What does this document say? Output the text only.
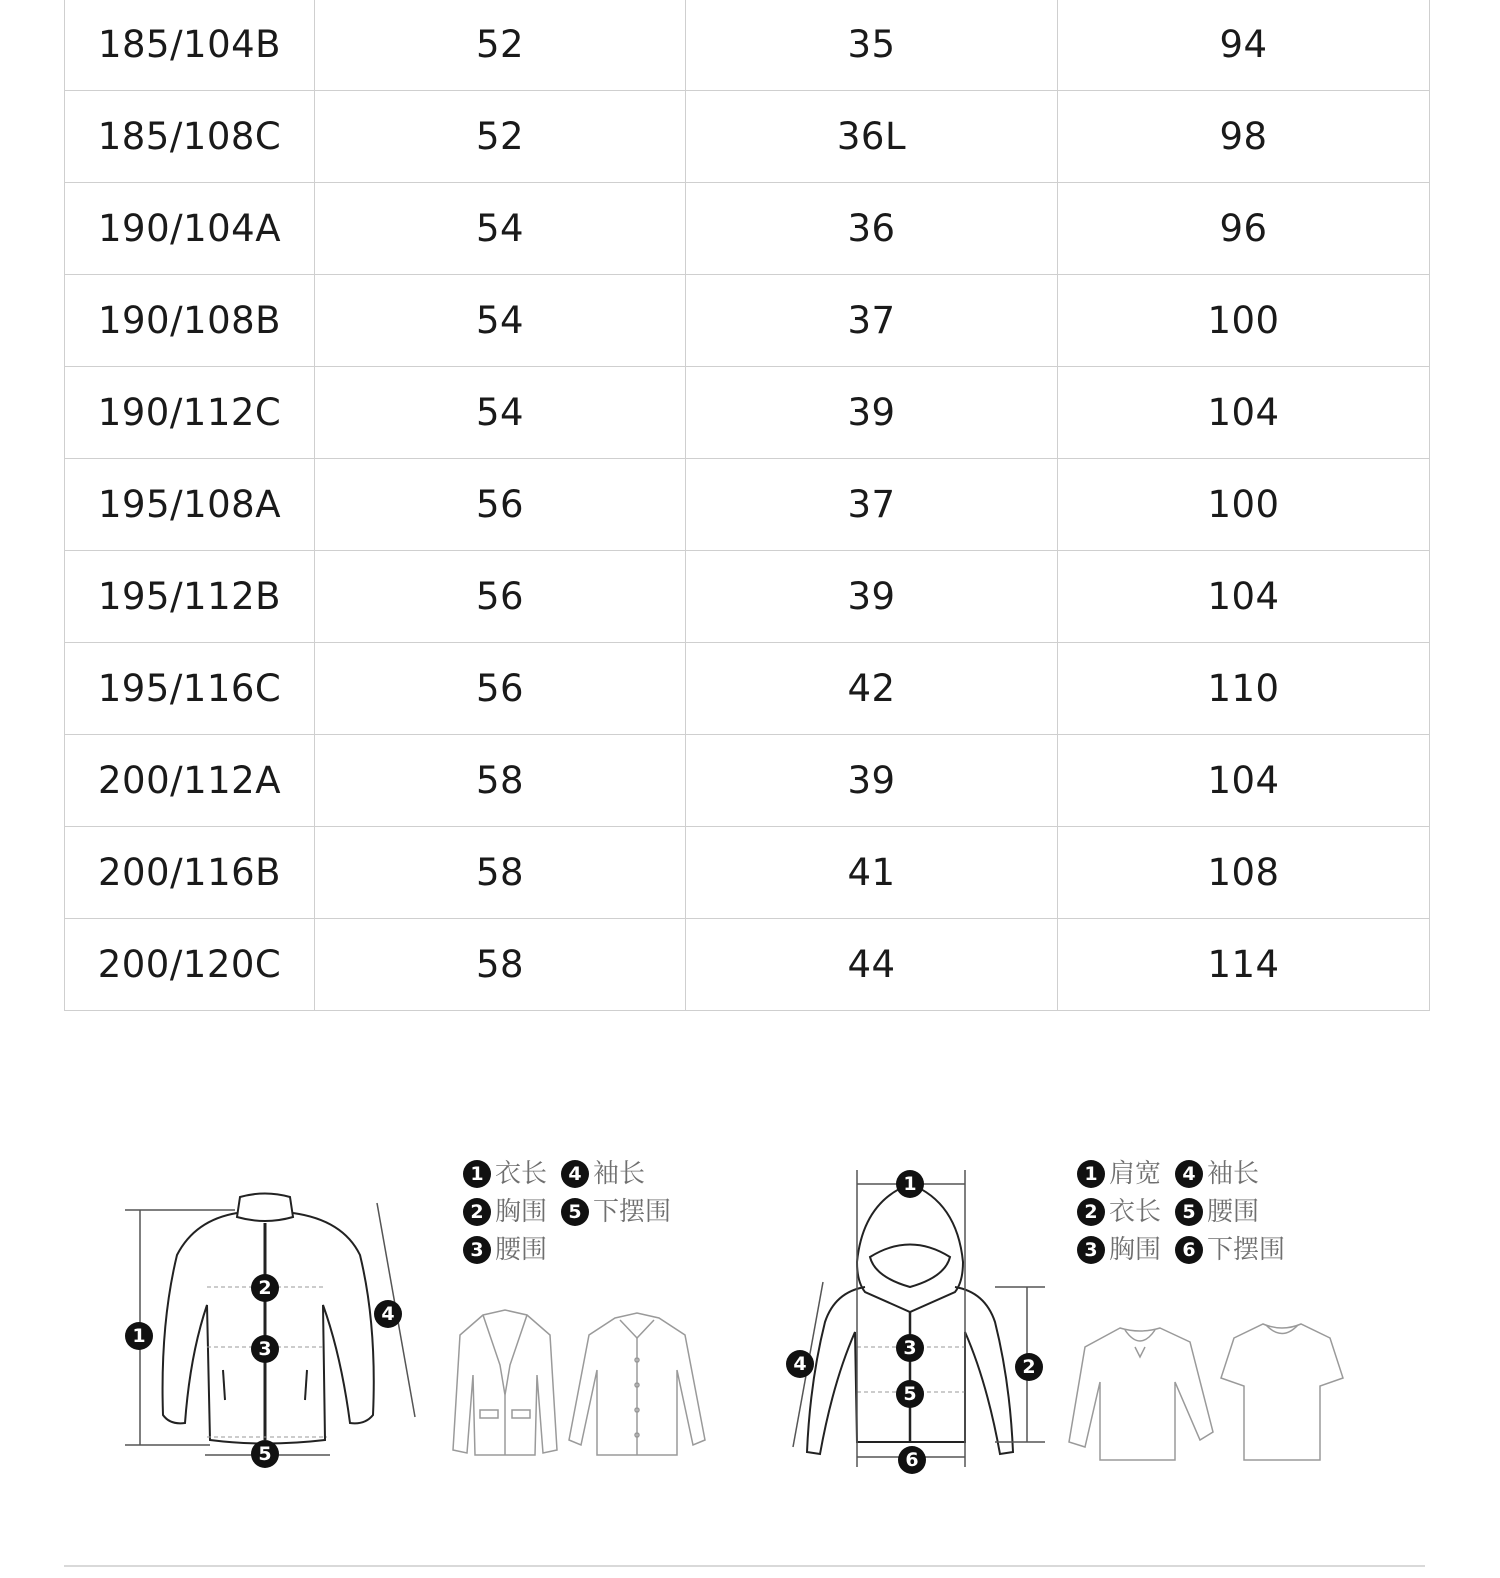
185/104B	52	35	94
185/108C	52	36L	98
190/104A	54	36	96
190/108B	54	37	100
190/112C	54	39	104
195/108A	56	37	100
195/112B	56	39	104
195/116C	56	42	110
200/112A	58	39	104
200/116B	58	41	108
200/120C	58	44	114
1 衣长	4 袖长
2 胸围	5 下摆围
3 腰围
1 肩宽	4 袖长
2 衣长	5 腰围
3 胸围	6 下摆围
1
2
3
4
5
1
2
3
4
5
6
